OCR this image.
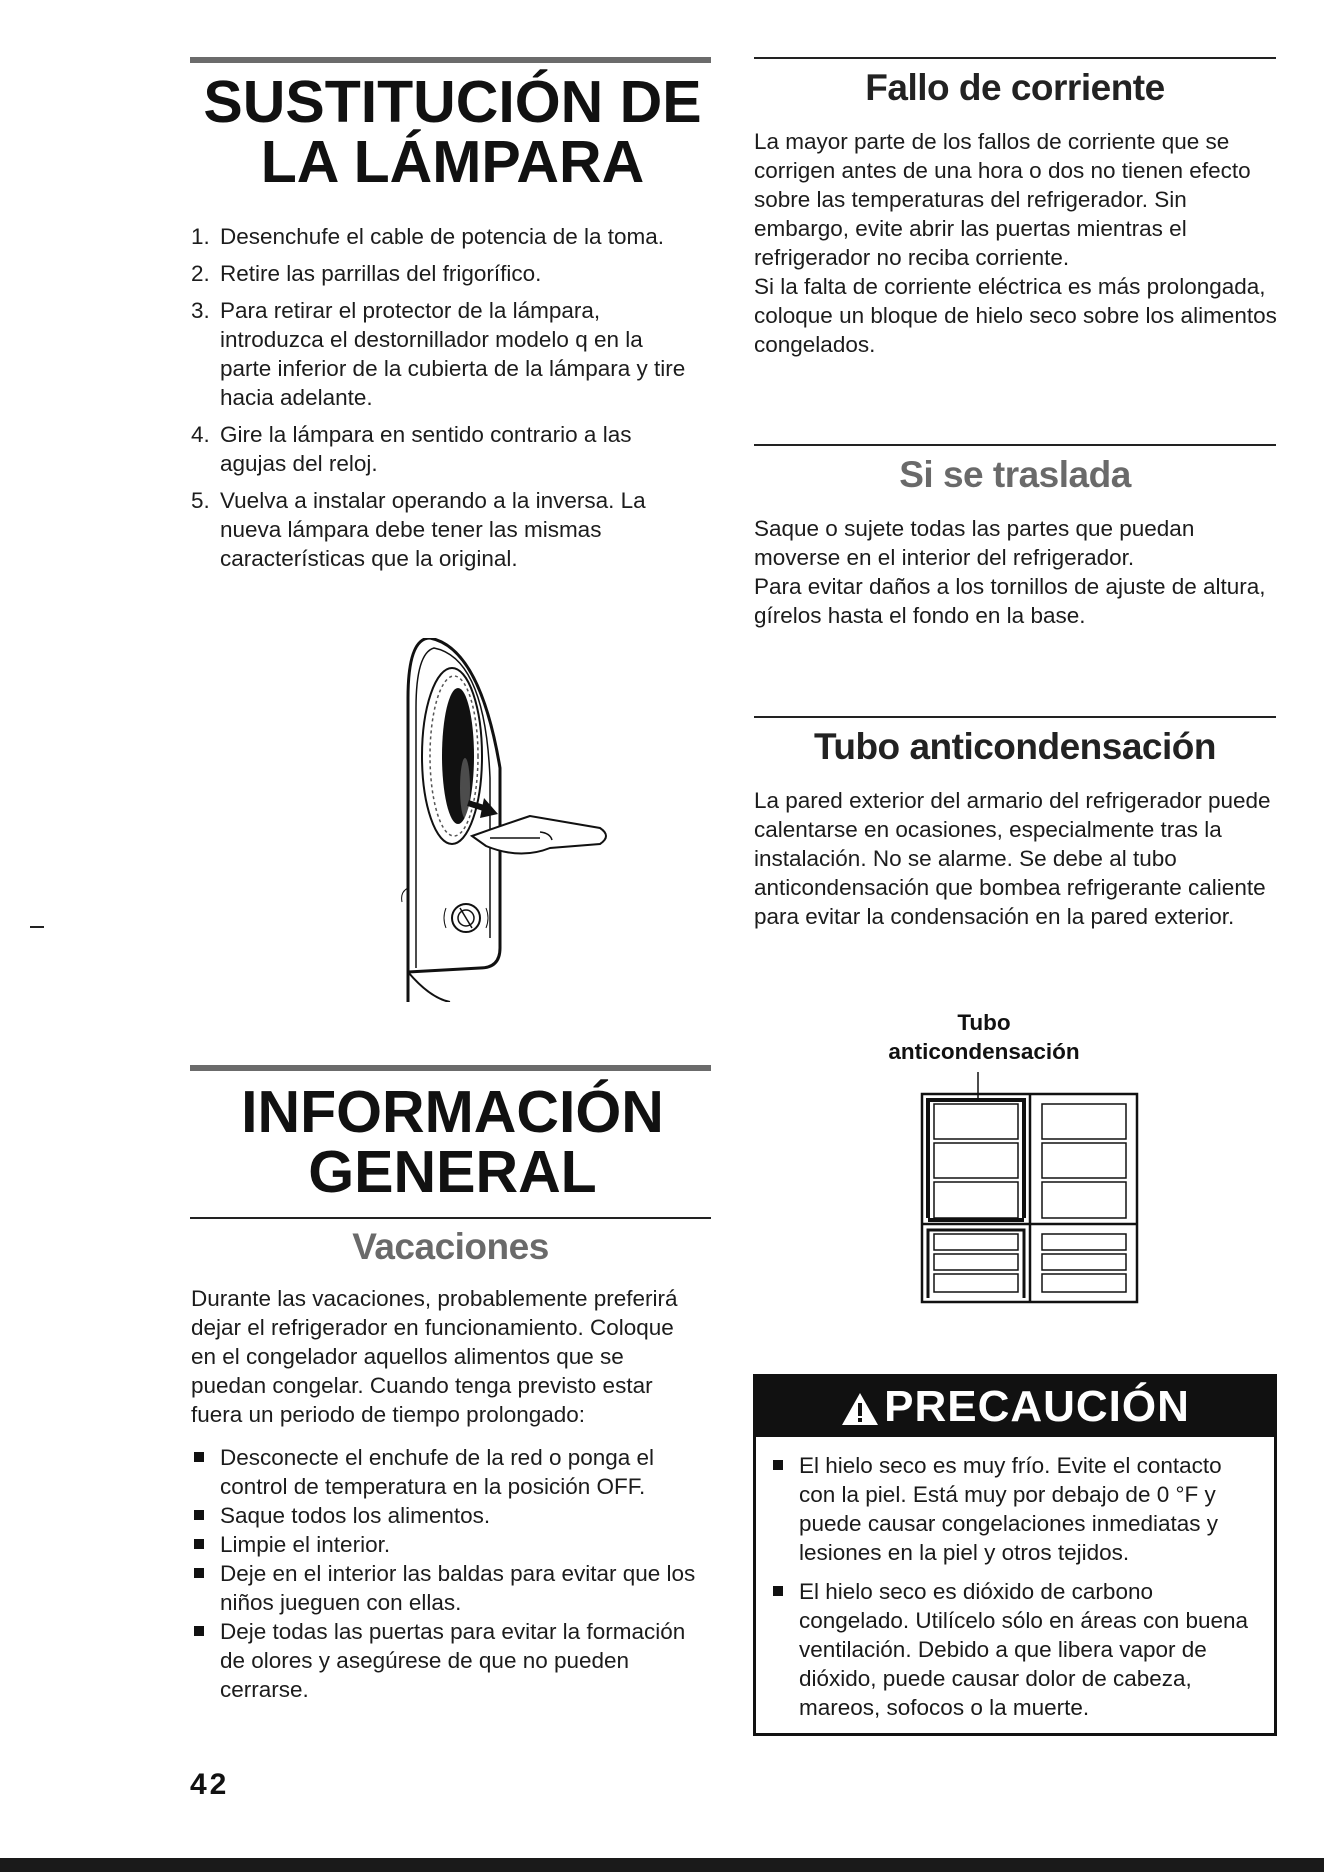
SUSTITUCIÓN DE
LA LÁMPARA
1. Desenchufe el cable de potencia de la toma.
2. Retire las parrillas del frigorífico.
3. Para retirar el protector de la lámpara, introduzca el destornillador modelo q en la parte inferior de la cubierta de la lámpara y tire hacia adelante.
4. Gire la lámpara en sentido contrario a las agujas del reloj.
5. Vuelva a instalar operando a la inversa. La nueva lámpara debe tener las mismas características que la original.
INFORMACIÓN
GENERAL
Vacaciones

Durante las vacaciones, probablemente preferirá dejar el refrigerador en funcionamiento. Coloque en el congelador aquellos alimentos que se puedan congelar. Cuando tenga previsto estar fuera un periodo de tiempo prolongado:

Desconecte el enchufe de la red o ponga el control de temperatura en la posición OFF.
Saque todos los alimentos.
Limpie el interior.
Deje en el interior las baldas para evitar que los niños jueguen con ellas.
Deje todas las puertas para evitar la formación de olores y asegúrese de que no pueden cerrarse.
42
Fallo de corriente

La mayor parte de los fallos de corriente que se corrigen antes de una hora o dos no tienen efecto sobre las temperaturas del refrigerador. Sin embargo, evite abrir las puertas mientras el refrigerador no reciba corriente.

Si la falta de corriente eléctrica es más prolongada, coloque un bloque de hielo seco sobre los alimentos congelados.

Si se traslada

Saque o sujete todas las partes que puedan moverse en el interior del refrigerador.

Para evitar daños a los tornillos de ajuste de altura, gírelos hasta el fondo en la base.

Tubo anticondensación

La pared exterior del armario del refrigerador puede calentarse en ocasiones, especialmente tras la instalación. No se alarme. Se debe al tubo anticondensación que bombea refrigerante caliente para evitar la condensación en la pared exterior.

Tubo
anticondensación
PRECAUCIÓN
El hielo seco es muy frío. Evite el contacto con la piel. Está muy por debajo de 0 °F y puede causar congelaciones inmediatas y lesiones en la piel y otros tejidos.
El hielo seco es dióxido de carbono congelado. Utilícelo sólo en áreas con buena ventilación. Debido a que libera vapor de dióxido, puede causar dolor de cabeza, mareos, sofocos o la muerte.
